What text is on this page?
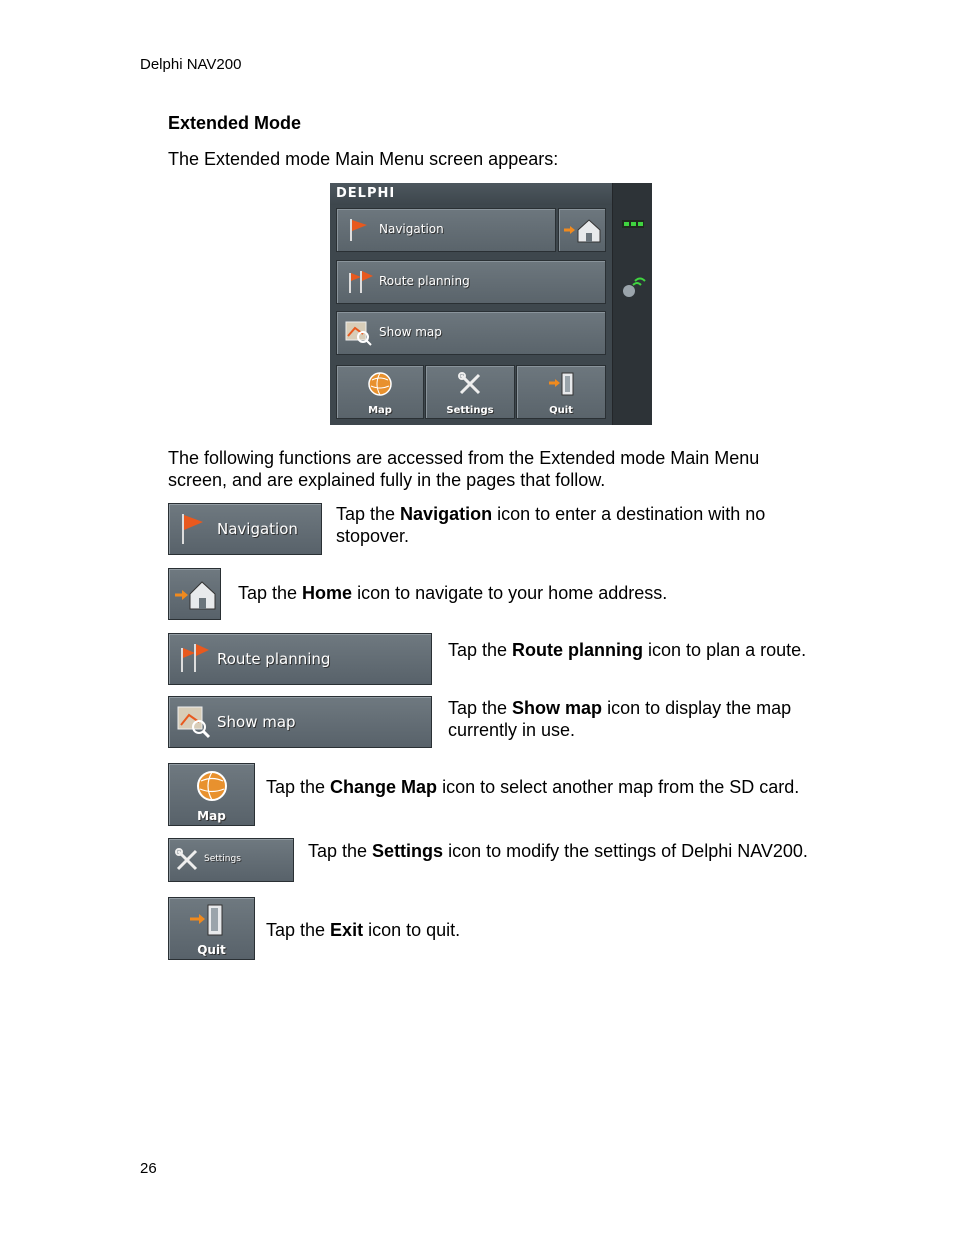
Delphi NAV200
Extended Mode
The Extended mode Main Menu screen appears:
DELPHI
Navigation
Route planning
Show map
Map	Settings	Quit
The following functions are accessed from the Extended mode Main Menu screen, and are explained fully in the pages that follow.
Navigation
Tap the Navigation icon to enter a destination with no stopover.
Tap the Home icon to navigate to your home address.
Route planning	Tap the Route planning icon to plan a route.
Show map
Tap the Show map icon to display the map currently in use.
Map
Tap the Change Map icon to select another map from the SD card.
Settings	Tap the Settings icon to modify the settings of Delphi NAV200.
Quit
Tap the Exit icon to quit.
26
